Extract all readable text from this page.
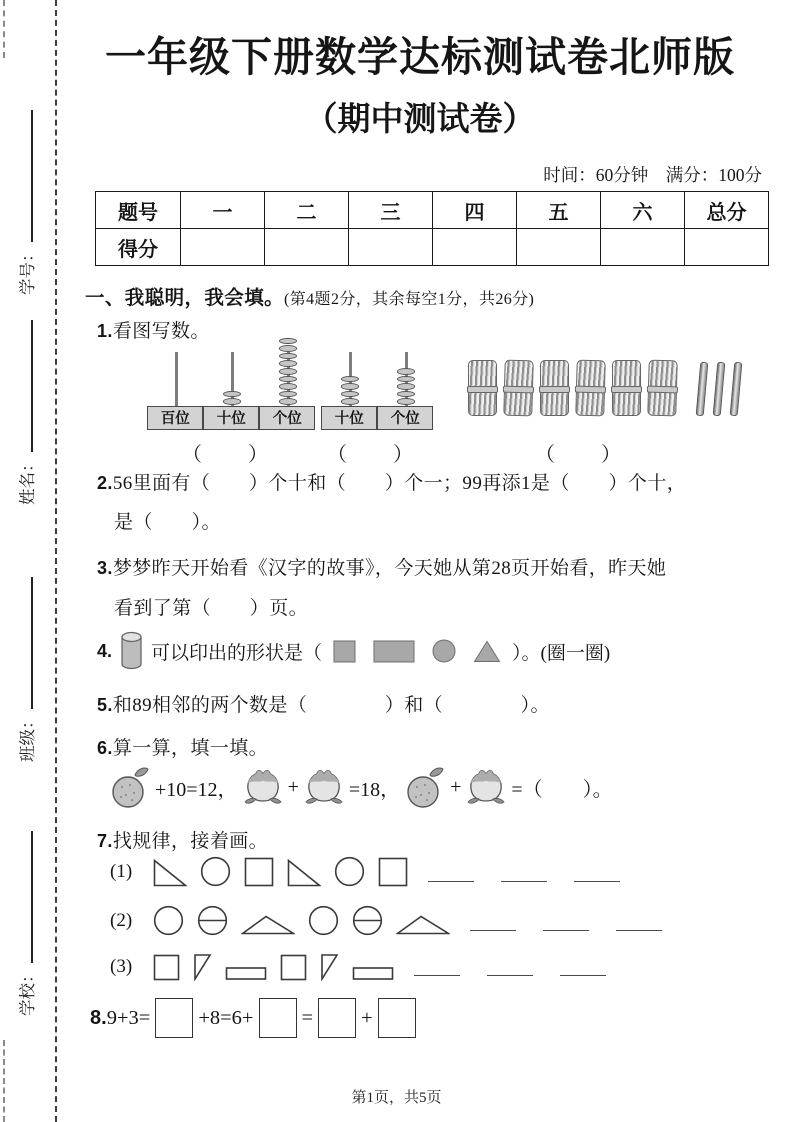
学号：
姓名：
班级：
学校：
一年级下册数学达标测试卷北师版
（期中测试卷）
时间：60分钟　满分：100分
题号	一	二	三	四	五	六	总分
得分							
一、我聪明，我会填。(第4题2分，其余每空1分，共26分)
1.看图写数。
百位	十位	个位	十位	个位
（　　）	（　　）	（　　）
2.56里面有（　　）个十和（　　）个一；99再添1是（　　）个十，
是（　　）。
3.梦梦昨天开始看《汉字的故事》，今天她从第28页开始看，昨天她
看到了第（　　）页。
4. 可以印出的形状是（	）。(圈一圈)
5.和89相邻的两个数是（　　　　）和（　　　　）。
6.算一算，填一填。
+10=12，	+	=18，	+	=（　　）。
7.找规律，接着画。
(1)
(2)
(3)
8. 9+3= +8=6+ = +
第1页，共5页
